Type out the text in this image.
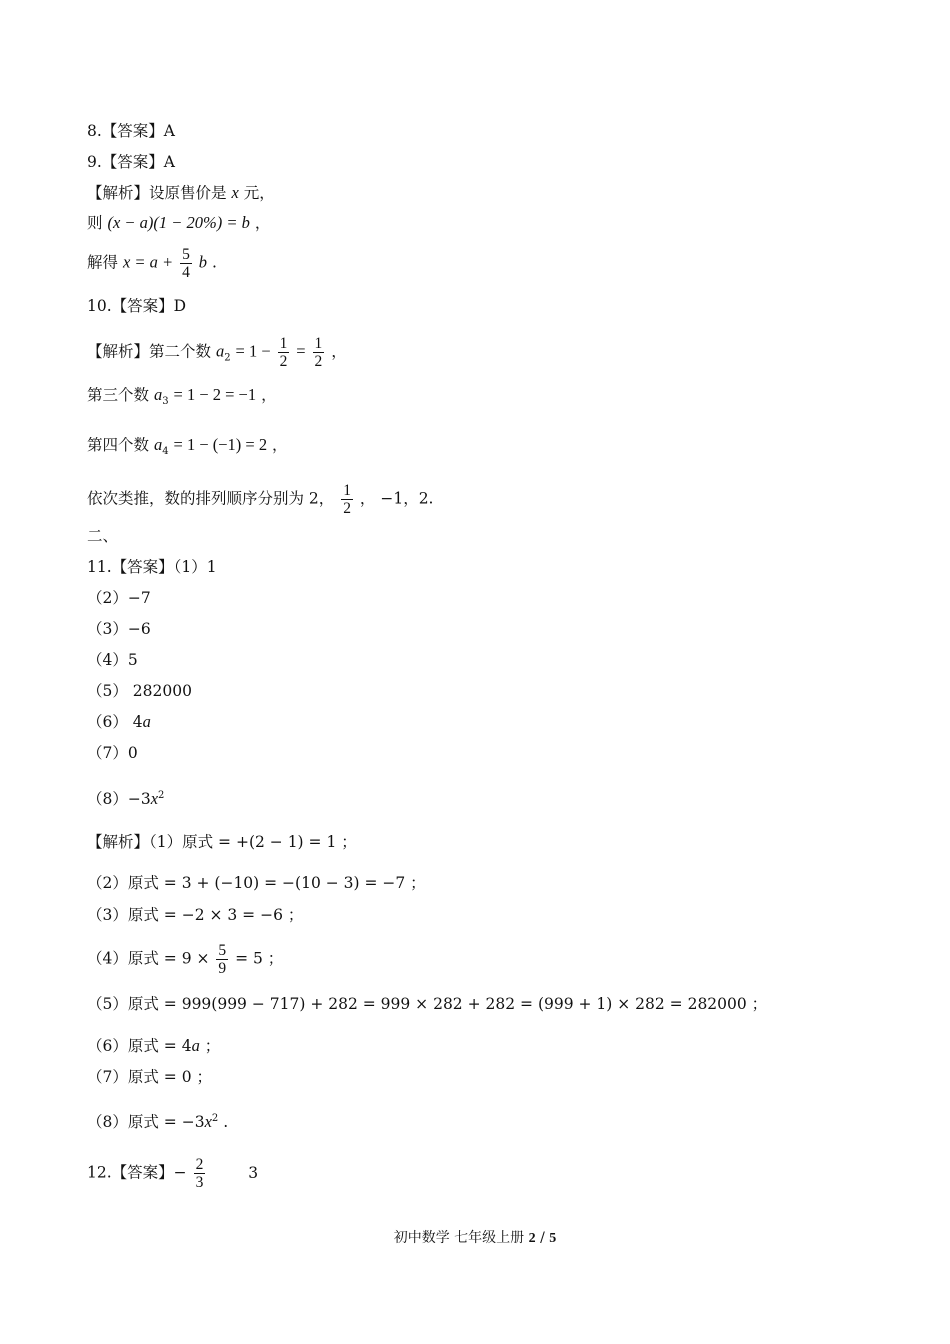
8.【答案】A
9.【答案】A
【解析】设原售价是 x 元，
则 (x − a)(1 − 20%) = b ，
解得 $x = a + \frac{5}{4}$ b .
10.【答案】D
【解析】第二个数 $a_2 = 1 - \frac{1}{2} = \frac{1}{2}$ ，
第三个数 $a_3 = 1 - 2 = -1$ ，
第四个数 $a_4 = 1 - (-1) = 2$ ，
依次类推，数的排列顺序分别为 2， $\frac{1}{2}$ ， −1，2.
二、
11.【答案】（1）1
（2）−7
（3）−6
（4）5
（5） 282000
（6） 4a
（7）0
$(8)-3x^2$
【解析】（1）原式 = +(2 − 1) = 1 ；
（2）原式 = 3 + (−10) = −(10 − 3) = −7 ；
（3）原式 = −2 × 3 = −6 ；
（4）原式 = $9 \times \frac{5}{9} = 5$ ；
（5）原式 = 999(999 − 717) + 282 = 999 × 282 + 282 = (999 + 1) × 282 = 282000 ；
（6）原式 = 4a ；
（7）原式 = 0 ；
（8）原式 = $-3x^2$ .
12.【答案】− $\frac{2}{3}$	3
初中数学 七年级上册 2 / 5
